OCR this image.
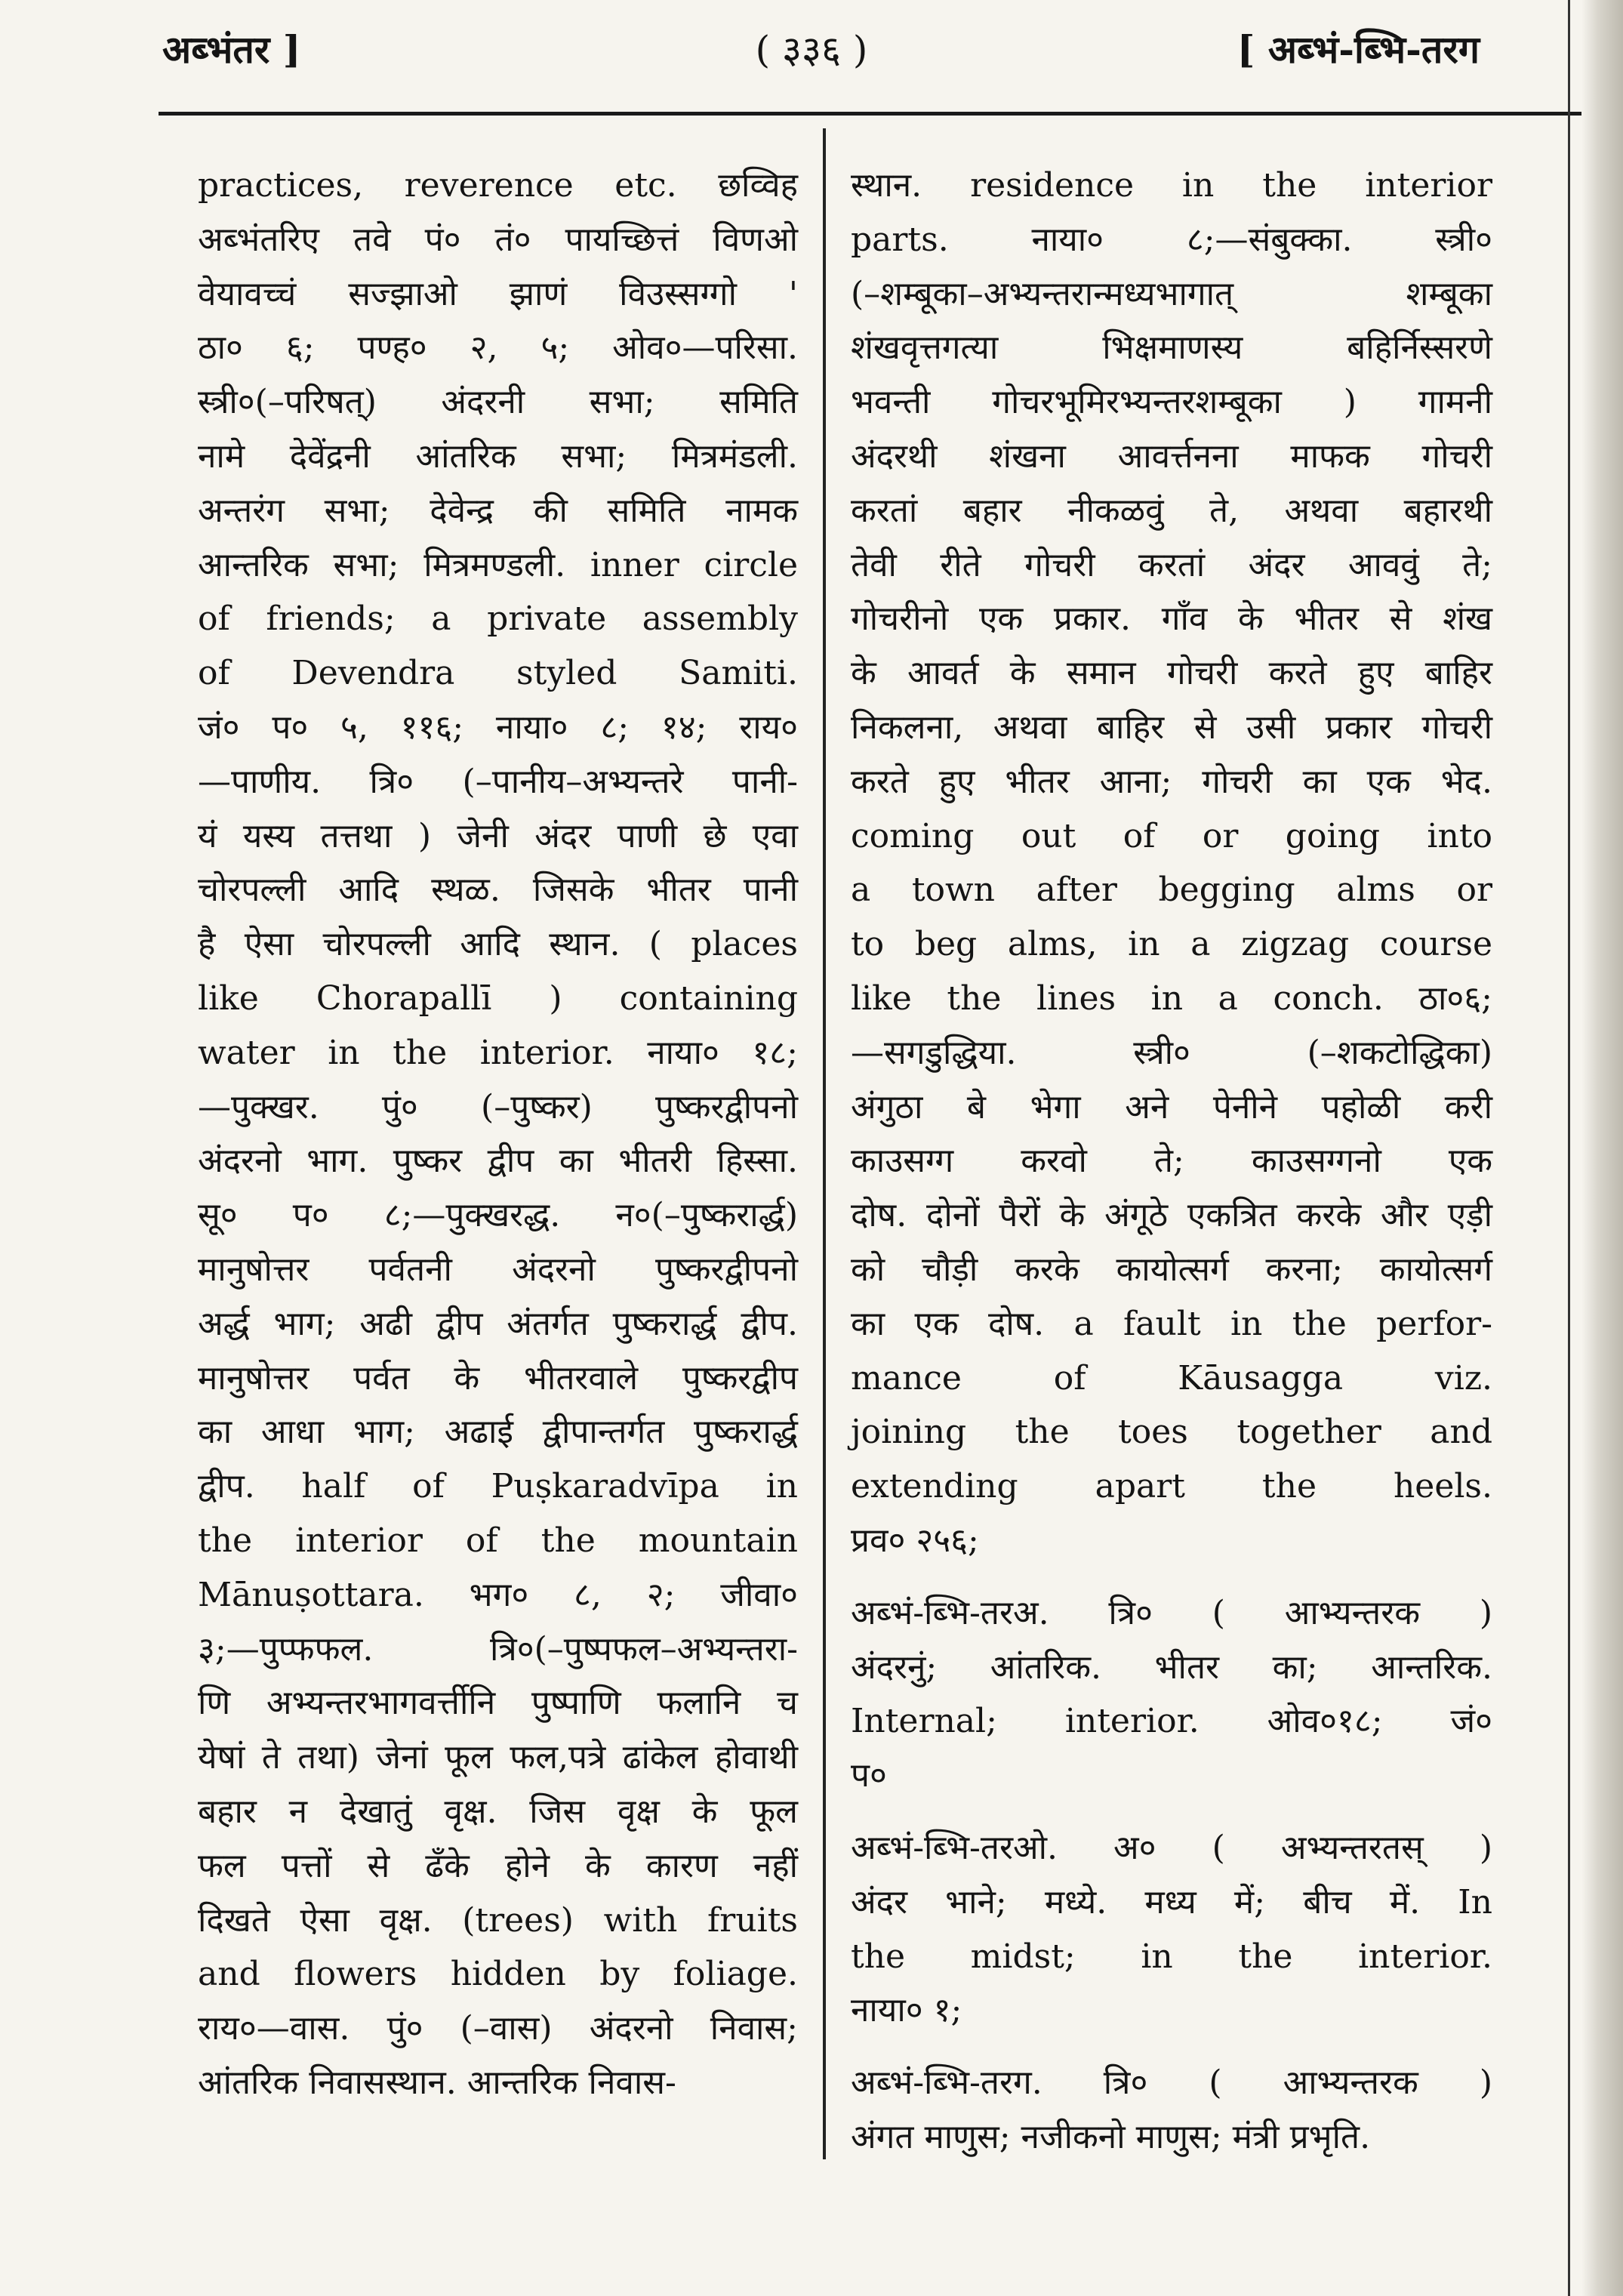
अब्भंतर ]	( ३३६ )	[ अब्भं-ब्भि-तरग

practices, reverence etc. छव्विह

अब्भंतरिए तवे पं० तं० पायच्छित्तं विणओ

वेयावच्चं सज्झाओ झाणं विउस्सग्गो '

ठा० ६; पण्ह० २, ५; ओव०—परिसा.

स्त्री०(–परिषत्) अंदरनी सभा; समिति

नामे देवेंद्रनी आंतरिक सभा; मित्रमंडली.

अन्तरंग सभा; देवेन्द्र की समिति नामक

आन्तरिक सभा; मित्रमण्डली. inner circle

of friends; a private assembly

of Devendra styled Samiti.

जं० प० ५, ११६; नाया० ८; १४; राय०

—पाणीय. त्रि० (–पानीय–अभ्यन्तरे पानी-

यं यस्य तत्तथा ) जेनी अंदर पाणी छे एवा

चोरपल्ली आदि स्थळ. जिसके भीतर पानी

है ऐसा चोरपल्ली आदि स्थान. ( places

like Chorapallī ) containing

water in the interior. नाया० १८;

—पुक्खर. पुं० (–पुष्कर) पुष्करद्वीपनो

अंदरनो भाग. पुष्कर द्वीप का भीतरी हिस्सा.

सू० प० ८;—पुक्खरद्ध. न०(–पुष्करार्द्ध)

मानुषोत्तर पर्वतनी अंदरनो पुष्करद्वीपनो

अर्द्ध भाग; अढी द्वीप अंतर्गत पुष्करार्द्ध द्वीप.

मानुषोत्तर पर्वत के भीतरवाले पुष्करद्वीप

का आधा भाग; अढाई द्वीपान्तर्गत पुष्करार्द्ध

द्वीप. half of Puṣkaradvīpa in

the interior of the mountain

Mānuṣottara. भग० ८, २; जीवा०

३;—पुप्फफल. त्रि०(–पुष्पफल–अभ्यन्तरा-

णि अभ्यन्तरभागवर्त्तीनि पुष्पाणि फलानि च

येषां ते तथा) जेनां फूल फल,पत्रे ढांकेल होवाथी

बहार न देखातुं वृक्ष. जिस वृक्ष के फूल

फल पत्तों से ढँके होने के कारण नहीं

दिखते ऐसा वृक्ष. (trees) with fruits

and flowers hidden by foliage.

राय०—वास. पुं० (–वास) अंदरनो निवास;

आंतरिक निवासस्थान. आन्तरिक निवास-

स्थान. residence in the interior

parts. नाया० ८;—संबुक्का. स्त्री०

(–शम्बूका–अभ्यन्तरान्मध्यभागात् शम्बूका

शंखवृत्तगत्या भिक्षमाणस्य बहिर्निस्सरणे

भवन्ती गोचरभूमिरभ्यन्तरशम्बूका ) गामनी

अंदरथी शंखना आवर्त्तनना माफक गोचरी

करतां बहार नीकळवुं ते, अथवा बहारथी

तेवी रीते गोचरी करतां अंदर आववुं ते;

गोचरीनो एक प्रकार. गाँव के भीतर से शंख

के आवर्त के समान गोचरी करते हुए बाहिर

निकलना, अथवा बाहिर से उसी प्रकार गोचरी

करते हुए भीतर आना; गोचरी का एक भेद.

coming out of or going into

a town after begging alms or

to beg alms, in a zigzag course

like the lines in a conch. ठा०६;

—सगडुद्धिया. स्त्री० (–शकटोद्धिका)

अंगुठा बे भेगा अने पेनीने पहोळी करी

काउसग्ग करवो ते; काउसग्गनो एक

दोष. दोनों पैरों के अंगूठे एकत्रित करके और एड़ी

को चौड़ी करके कायोत्सर्ग करना; कायोत्सर्ग

का एक दोष. a fault in the perfor-

mance of Kāusagga viz.

joining the toes together and

extending apart the heels.

प्रव० २५६;

अब्भं-ब्भि-तरअ. त्रि० ( आभ्यन्तरक )

अंदरनुं; आंतरिक. भीतर का; आन्तरिक.

Internal; interior. ओव०१८; जं०

प०

अब्भं-ब्भि-तरओ. अ० ( अभ्यन्तरतस् )

अंदर भाने; मध्ये. मध्य में; बीच में. In

the midst; in the interior.

नाया० १;

अब्भं-ब्भि-तरग. त्रि० ( आभ्यन्तरक )

अंगत माणुस; नजीकनो माणुस; मंत्री प्रभृति.
